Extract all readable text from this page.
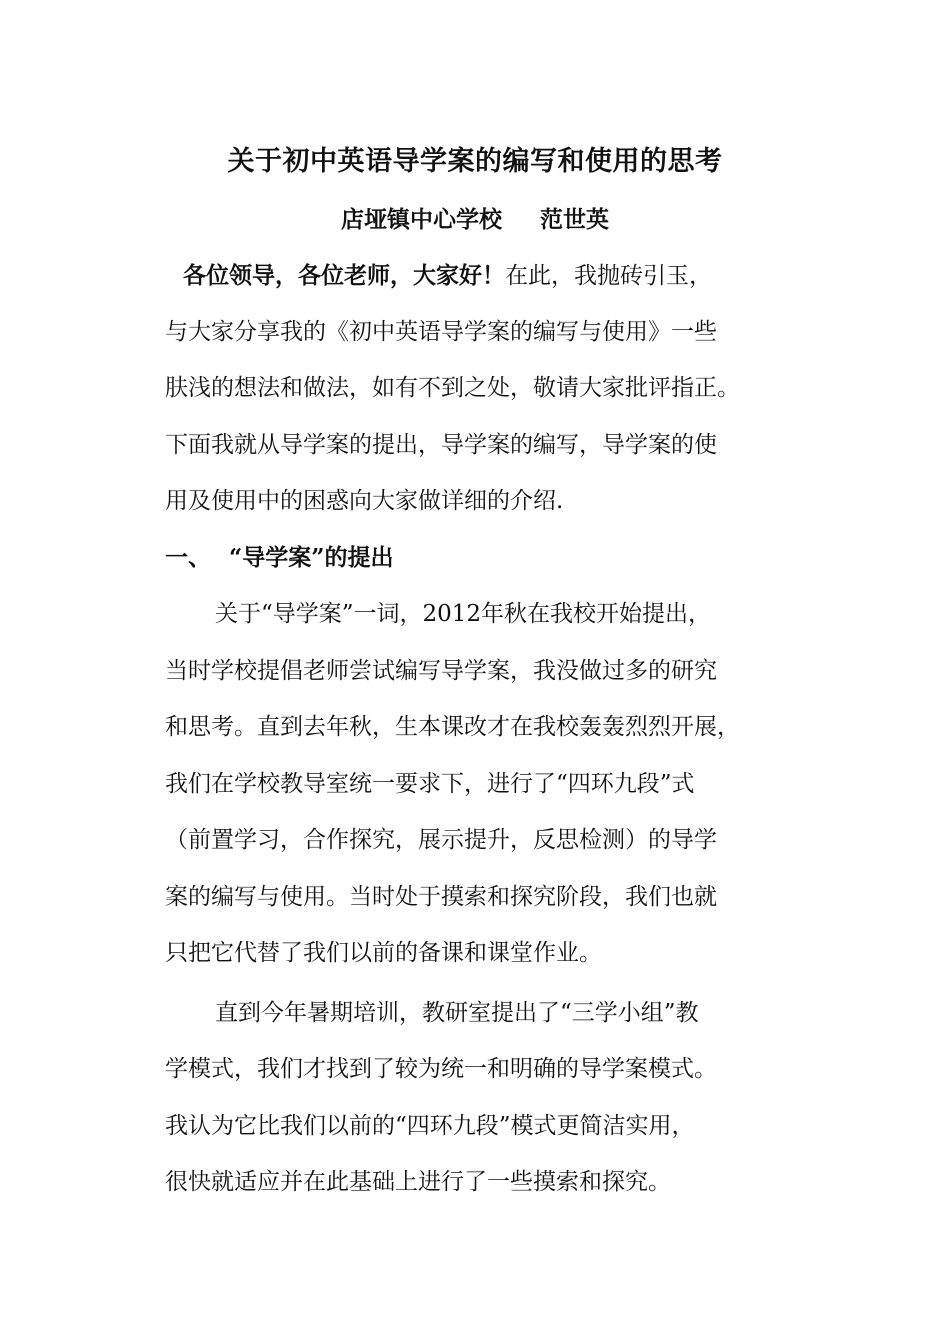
关于初中英语导学案的编写和使用的思考
店垭镇中心学校 范世英
各位领导，各位老师，大家好！在此，我抛砖引玉，
与大家分享我的《初中英语导学案的编写与使用》一些
肤浅的想法和做法，如有不到之处，敬请大家批评指正。
下面我就从导学案的提出，导学案的编写，导学案的使
用及使用中的困惑向大家做详细的介绍.
一、 “导学案”的提出
关于“导学案”一词，2012年秋在我校开始提出，
当时学校提倡老师尝试编写导学案，我没做过多的研究
和思考。直到去年秋，生本课改才在我校轰轰烈烈开展，
我们在学校教导室统一要求下，进行了“四环九段”式
（前置学习，合作探究，展示提升，反思检测）的导学
案的编写与使用。当时处于摸索和探究阶段，我们也就
只把它代替了我们以前的备课和课堂作业。
直到今年暑期培训，教研室提出了“三学小组”教
学模式，我们才找到了较为统一和明确的导学案模式。
我认为它比我们以前的“四环九段”模式更简洁实用，
很快就适应并在此基础上进行了一些摸索和探究。
